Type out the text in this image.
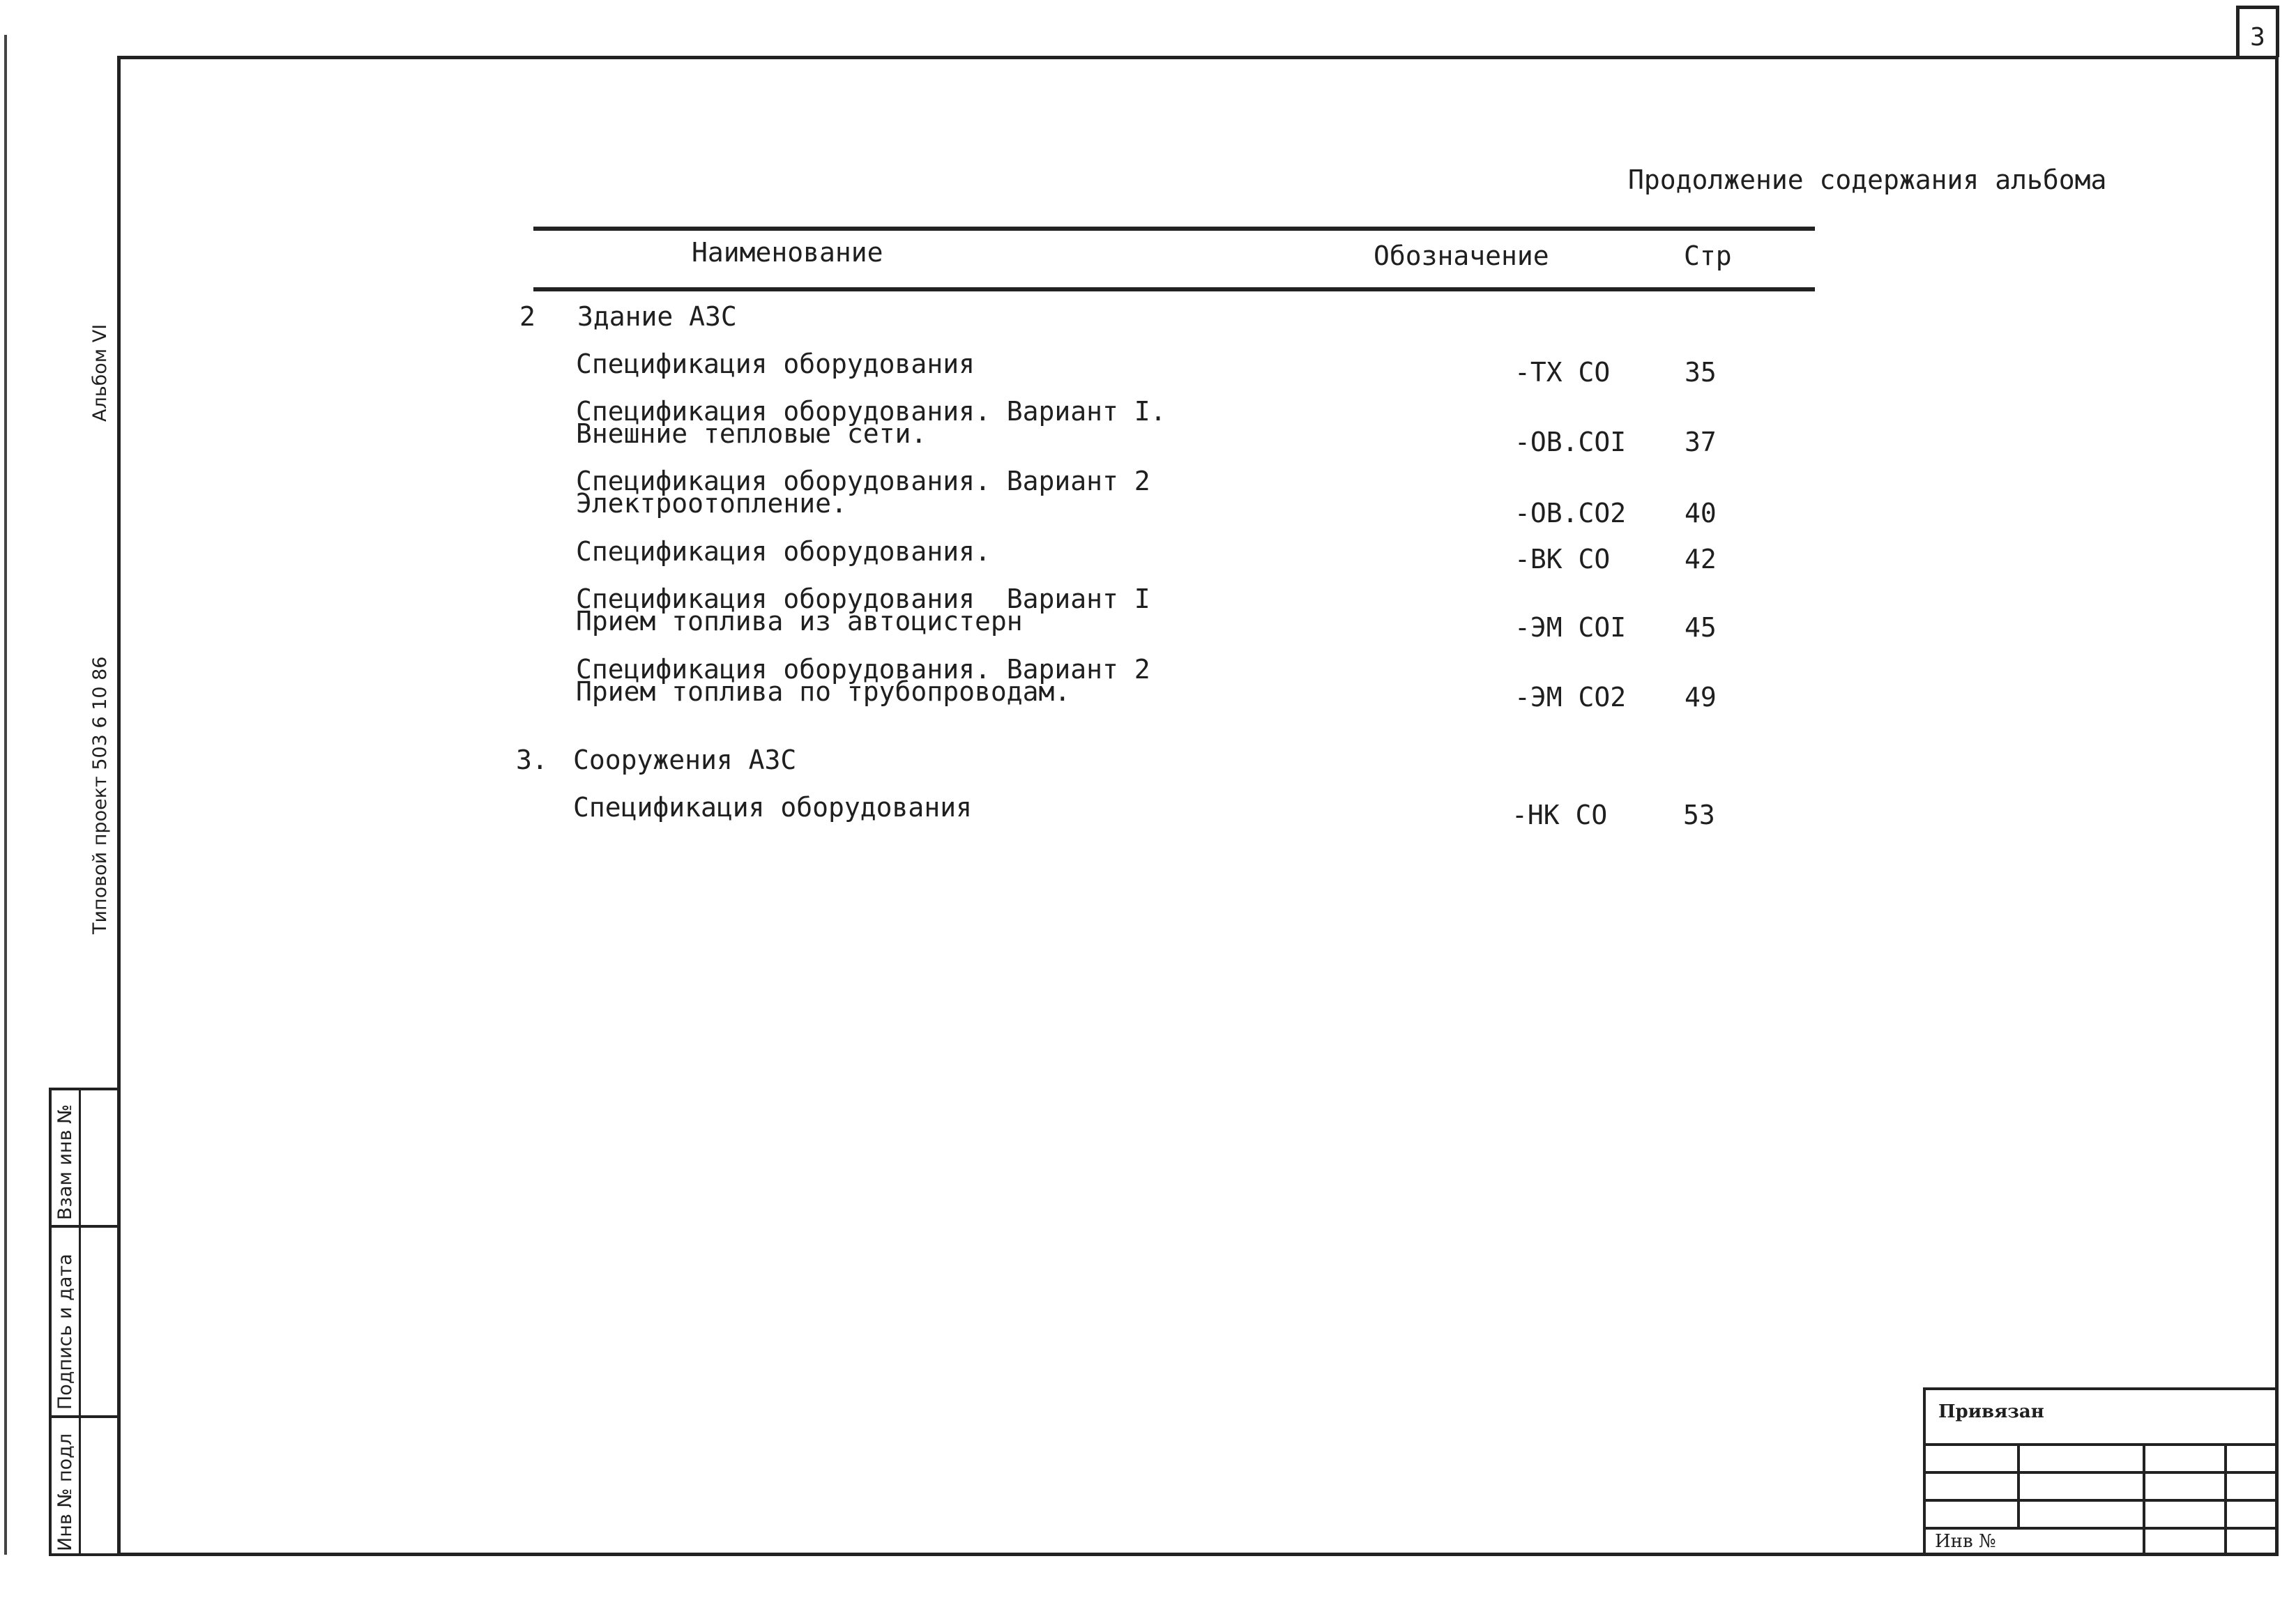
3
Альбом VI
Типовой проект 503 6 10 86
Взам инв №
Подпись и дата
Инв № подл
Продолжение содержания альбома
Наименование	Обозначение	Стр
2 Здание АЗС
Спецификация оборудования	-ТХ СО	35
Спецификация оборудования. Вариант I.
Внешние тепловые сети.	-ОВ.СОI 37
Спецификация оборудования. Вариант 2
Электроотопление.	-ОВ.СО2 40
Спецификация оборудования.	-ВК СО	42
Спецификация оборудования  Вариант I
Прием топлива из автоцистерн	-ЭМ СОI 45
Спецификация оборудования. Вариант 2
Прием топлива по трубопроводам.	-ЭМ СО2 49
3. Сооружения АЗС
Спецификация оборудования	-НК СО	53
Привязан
Инв №
